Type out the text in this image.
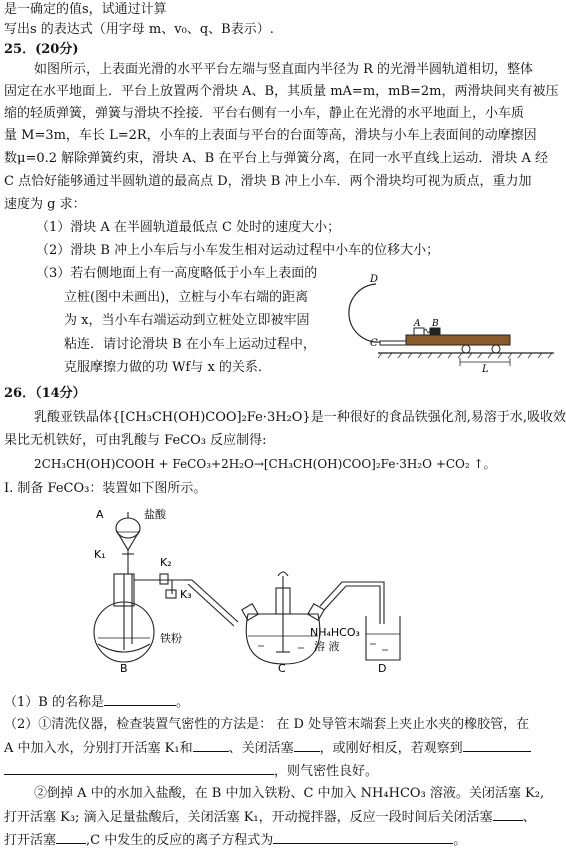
是一确定的值s，试通过计算
写出s 的表达式（用字母 m、v₀、q、B表示）.
25．(20分)
如图所示，上表面光滑的水平平台左端与竖直面内半径为 R 的光滑半圆轨道相切，整体
固定在水平地面上．平台上放置两个滑块 A、B，其质量 mA=m，mB=2m，两滑块间夹有被压
缩的轻质弹簧，弹簧与滑块不拴接．平台右侧有一小车，静止在光滑的水平地面上，小车质
量 M=3m，车长 L=2R，小车的上表面与平台的台面等高，滑块与小车上表面间的动摩擦因
数μ=0.2 解除弹簧约束，滑块 A、B 在平台上与弹簧分离，在同一水平直线上运动．滑块 A 经
C 点恰好能够通过半圆轨道的最高点 D，滑块 B 冲上小车．两个滑块均可视为质点，重力加
速度为 g 求：
（1）滑块 A 在半圆轨道最低点 C 处时的速度大小；
（2）滑块 B 冲上小车后与小车发生相对运动过程中小车的位移大小；
（3）若右侧地面上有一高度略低于小车上表面的
立桩(图中未画出)，立桩与小车右端的距离
为 x，当小车右端运动到立桩处立即被牢固
粘连．请讨论滑块 B 在小车上运动过程中，
克服摩擦力做的功 Wf与 x 的关系．	L
D
C
A B
26．（14分）
乳酸亚铁晶体{[CH₃CH(OH)COO]₂Fe·3H₂O}是一种很好的食品铁强化剂,易溶于水,吸收效
果比无机铁好，可由乳酸与 FeCO₃ 反应制得:
2CH₃CH(OH)COOH + FeCO₃+2H₂O→[CH₃CH(OH)COO]₂Fe·3H₂O +CO₂ ↑。
I. 制备 FeCO₃：装置如下图所示。
A	盐酸
K₁
K₂
K₃
铁粉
B	C	D
NH₄HCO₃
溶 液
（1）B 的名称是	。
（2）①清洗仪器，检查装置气密性的方法是： 在 D 处导管末端套上夹止水夹的橡胶管，在
A 中加入水，分别打开活塞 K₁和	、关闭活塞 ，或刚好相反，若观察到
，则气密性良好。
②倒掉 A 中的水加入盐酸，在 B 中加入铁粉、C 中加入 NH₄HCO₃ 溶液。关闭活塞 K₂,
打开活塞 K₃; 滴入足量盐酸后，关闭活塞 K₁，开动搅拌器，反应一段时间后关闭活塞 、
打开活塞 ,C 中发生的反应的离子方程式为	。
